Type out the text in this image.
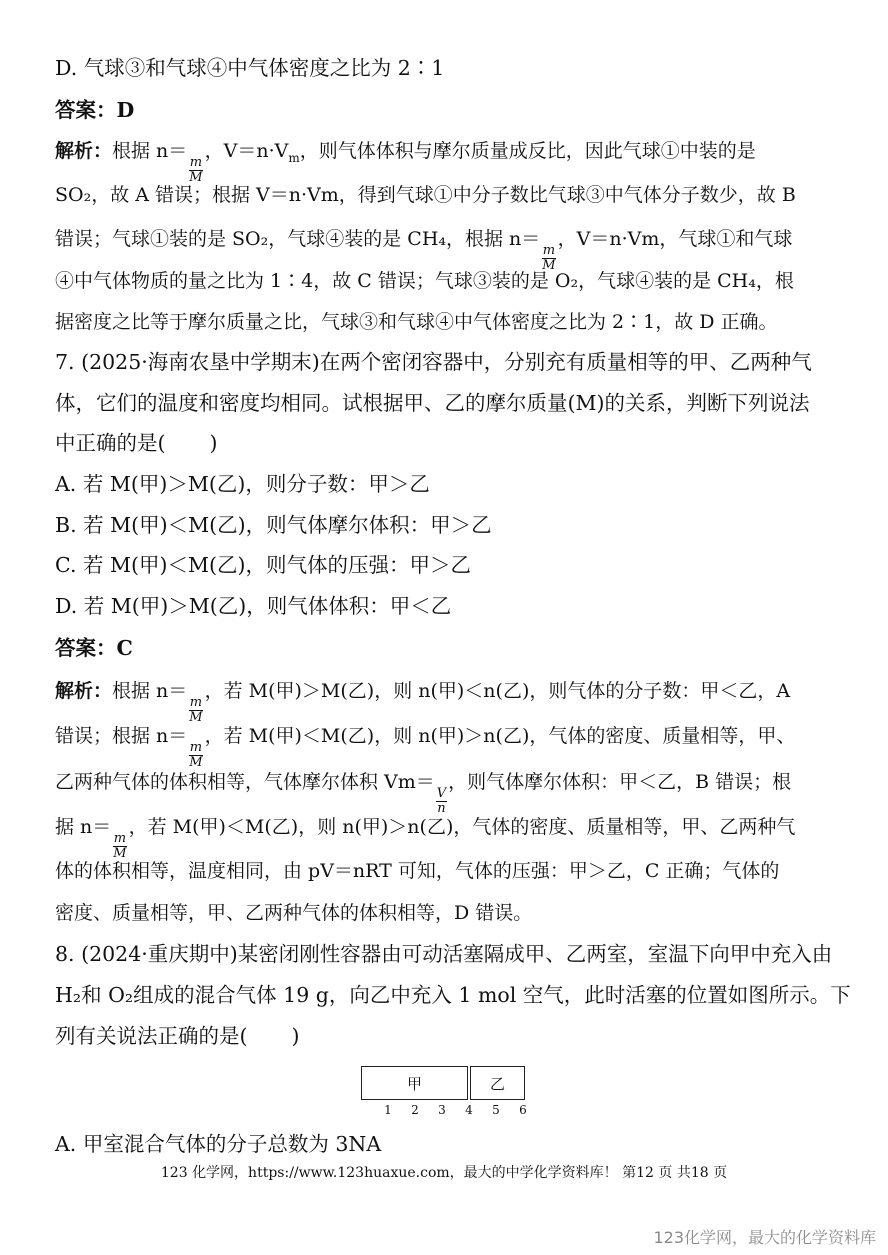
D. 气球③和气球④中气体密度之比为 2∶1
答案：D
解析：根据 n＝
$\frac{m}{M}$
，$V=n\cdot V_m$，则气体体积与摩尔质量成反比，因此气球①中装的是
SO₂，故 A 错误；根据 V＝n·Vm，得到气球①中分子数比气球③中气体分子数少，故 B
错误；气球①装的是 SO₂，气球④装的是 CH₄，根据 n＝
$\frac{m}{M}$
，V＝n·Vm，气球①和气球
④中气体物质的量之比为 1∶4，故 C 错误；气球③装的是 O₂，气球④装的是 CH₄，根
据密度之比等于摩尔质量之比，气球③和气球④中气体密度之比为 2∶1，故 D 正确。
7. (2025·海南农垦中学期末)在两个密闭容器中，分别充有质量相等的甲、乙两种气
体，它们的温度和密度均相同。试根据甲、乙的摩尔质量(M)的关系，判断下列说法
中正确的是( )
A. 若 M(甲)＞M(乙)，则分子数：甲＞乙
B. 若 M(甲)＜M(乙)，则气体摩尔体积：甲＞乙
C. 若 M(甲)＜M(乙)，则气体的压强：甲＞乙
D. 若 M(甲)＞M(乙)，则气体体积：甲＜乙
答案：C
解析：根据 n＝
$\frac{m}{M}$
，若 M(甲)＞M(乙)，则 n(甲)＜n(乙)，则气体的分子数：甲＜乙，A
错误；根据 n＝
$\frac{m}{M}$
，若 M(甲)＜M(乙)，则 n(甲)＞n(乙)，气体的密度、质量相等，甲、
乙两种气体的体积相等，气体摩尔体积 Vm＝
$\frac{V}{n}$
，则气体摩尔体积：甲＜乙，B 错误；根
据 n＝
$\frac{m}{M}$
，若 M(甲)＜M(乙)，则 n(甲)＞n(乙)，气体的密度、质量相等，甲、乙两种气
体的体积相等，温度相同，由 pV＝nRT 可知，气体的压强：甲＞乙，C 正确；气体的
密度、质量相等，甲、乙两种气体的体积相等，D 错误。
8. (2024·重庆期中)某密闭刚性容器由可动活塞隔成甲、乙两室，室温下向甲中充入由
H₂和 O₂组成的混合气体 19 g，向乙中充入 1 mol 空气，此时活塞的位置如图所示。下
列有关说法正确的是( )
甲	乙
1 2 3 4 5 6
A. 甲室混合气体的分子总数为 3NA
123 化学网，https://www.123huaxue.com，最大的中学化学资料库！ 第12 页 共18 页
123化学网，最大的化学资料库
